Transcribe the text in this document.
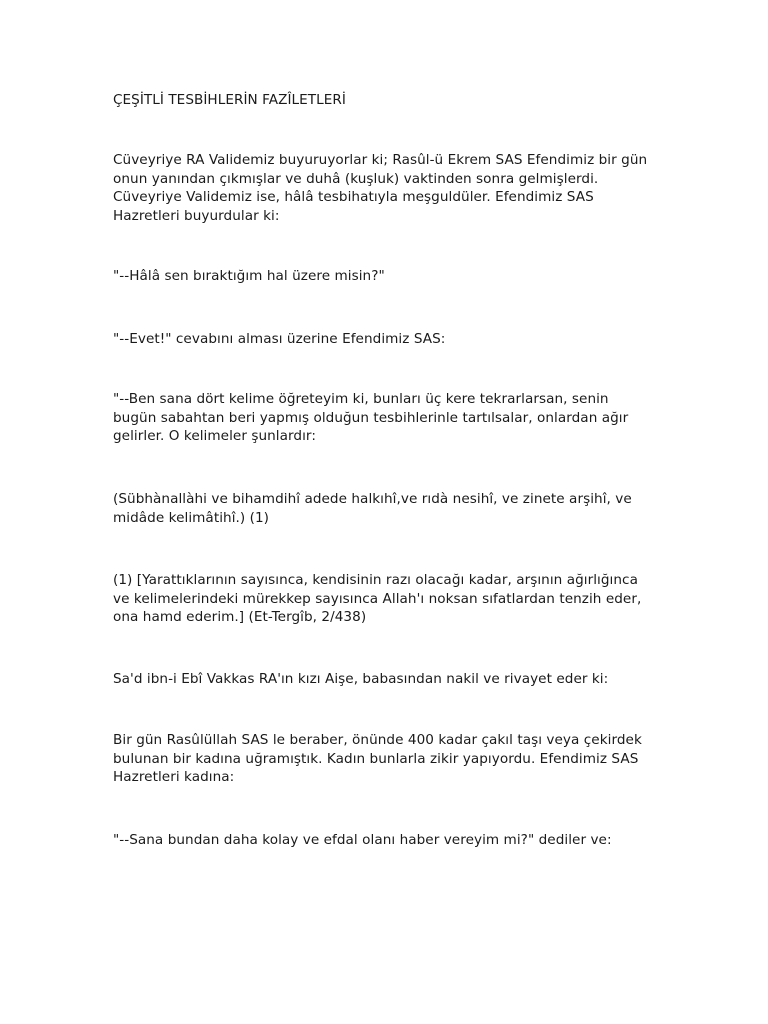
ÇEŞİTLİ TESBİHLERİN FAZÎLETLERİ

Cüveyriye RA Validemiz buyuruyorlar ki; Rasûl-ü Ekrem SAS Efendimiz bir gün
onun yanından çıkmışlar ve duhâ (kuşluk) vaktinden sonra gelmişlerdi.
Cüveyriye Validemiz ise, hâlâ tesbihatıyla meşguldüler. Efendimiz SAS
Hazretleri buyurdular ki:

"--Hâlâ sen bıraktığım hal üzere misin?"

"--Evet!" cevabını alması üzerine Efendimiz SAS:

"--Ben sana dört kelime öğreteyim ki, bunları üç kere tekrarlarsan, senin
bugün sabahtan beri yapmış olduğun tesbihlerinle tartılsalar, onlardan ağır
gelirler. O kelimeler şunlardır:

(Sübhànallàhi ve bihamdihî adede halkıhî,ve rıdà nesihî, ve zinete arşihî, ve
midâde kelimâtihî.) (1)

(1) [Yarattıklarının sayısınca, kendisinin razı olacağı kadar, arşının ağırlığınca
ve kelimelerindeki mürekkep sayısınca Allah'ı noksan sıfatlardan tenzih eder,
ona hamd ederim.] (Et-Tergîb, 2/438)

Sa'd ibn-i Ebî Vakkas RA'ın kızı Aişe, babasından nakil ve rivayet eder ki:

Bir gün Rasûlüllah SAS le beraber, önünde 400 kadar çakıl taşı veya çekirdek
bulunan bir kadına uğramıştık. Kadın bunlarla zikir yapıyordu. Efendimiz SAS
Hazretleri kadına:

"--Sana bundan daha kolay ve efdal olanı haber vereyim mi?" dediler ve:
